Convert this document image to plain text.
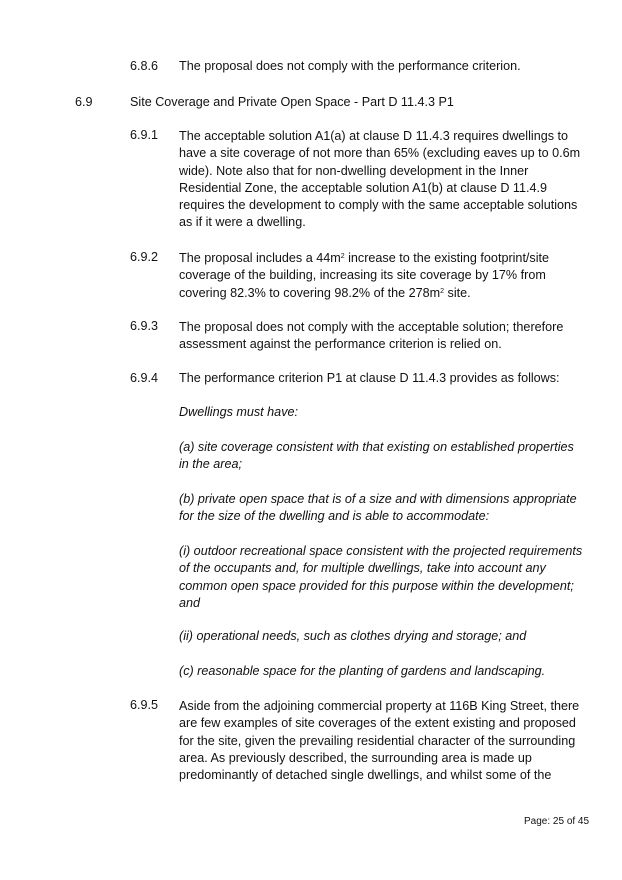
6.8.6 The proposal does not comply with the performance criterion.
6.9	Site Coverage and Private Open Space - Part D 11.4.3 P1
6.9.1 The acceptable solution A1(a) at clause D 11.4.3 requires dwellings to
have a site coverage of not more than 65% (excluding eaves up to 0.6m
wide). Note also that for non-dwelling development in the Inner
Residential Zone, the acceptable solution A1(b) at clause D 11.4.9
requires the development to comply with the same acceptable solutions
as if it were a dwelling.
6.9.2 The proposal includes a $44m^2$ increase to the existing footprint/site
coverage of the building, increasing its site coverage by 17% from
covering 82.3% to covering 98.2% of the $278m^2$ site.
6.9.3 The proposal does not comply with the acceptable solution; therefore
assessment against the performance criterion is relied on.
6.9.4 The performance criterion P1 at clause D 11.4.3 provides as follows:
Dwellings must have:
(a) site coverage consistent with that existing on established properties
in the area;
(b) private open space that is of a size and with dimensions appropriate
for the size of the dwelling and is able to accommodate:
(i) outdoor recreational space consistent with the projected requirements
of the occupants and, for multiple dwellings, take into account any
common open space provided for this purpose within the development;
and
(ii) operational needs, such as clothes drying and storage; and
(c) reasonable space for the planting of gardens and landscaping.
6.9.5 Aside from the adjoining commercial property at 116B King Street, there
are few examples of site coverages of the extent existing and proposed
for the site, given the prevailing residential character of the surrounding
area. As previously described, the surrounding area is made up
predominantly of detached single dwellings, and whilst some of the
Page: 25 of 45
